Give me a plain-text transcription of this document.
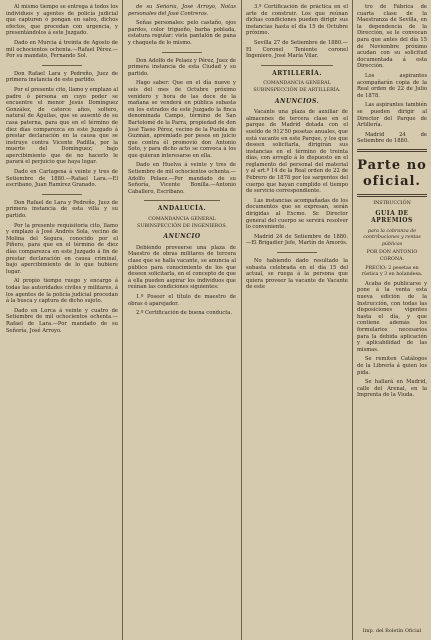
Al mismo tiempo se entrega á todos los individuos y agentes de policía judicial que capturen ó pongan en salvo, dichos efectos, que procedan con urgencia, y presentándolos á este Juzgado.

Dado en Murcia á treinta de Agosto de mil ochocientos ochenta.—Rafael Pérez.—Por su mandato, Fernando Sol.

Don Rafael Lara y Pedreño, Juez de primera instancia de este partido.

Por el presente cito, llamo y emplazo al padre ó persona en cuyo poder se encuentre el menor Jesús Domínguez González, de catorce años, soltero, natural de Águilas, que se ausentó de su casa paterna, para que en el término de diez días comparezca en este Juzgado á prestar declaración en la causa que se instruye contra Vicente Padilla, por la muerte del Domínguez; bajo apercibimiento que de no hacerlo le parará el perjuicio que haya lugar.

Dado en Cartagena á veinte y tres de Setiembre de 1880.—Rafael Lara.—El escribano, Juan Ramírez Granado.

Don Rafael de Lara y Pedreño, Juez de primera instancia de esta villa y su partido.

Por la presente requisitoria cito, llamo y emplazo á José Andrés Sola, vecino de Molina del Segura, conocido por el Piñero, para que en el término de diez días comparezca en este Juzgado á fin de prestar declaración en causa criminal, bajo apercibimiento de lo que hubiere lugar.

Al propio tiempo ruego y encargo á todas las autoridades civiles y militares, á los agentes de la policía judicial procedan á la busca y captura de dicho sujeto.

Dado en Lorca á veinte y cuatro de Setiembre de mil ochocientos ochenta.—Rafael de Lara.—Por mandado de su Señoría, José Arroyo.

de su Señoría, José Arroyo, Notas personales del José Contreras.

Señas personales: pelo castaño, ojos pardos, color trigueño, barba poblada, estatura regular; viste pantalón de pana y chaqueta de lo mismo.

Don Adolfo de Pelaez y Pérez, Juez de primera instancia de esta Ciudad y su partido.

Hago saber: Que en el día nueve y seis del mes de Octubre próximo venidero y hora de las doce de la mañana se venderá en pública subasta en los estrados de este Juzgado la finca denominada Campo, término de San Bartolomé de la Parra, propiedad de don José Tasso Pérez, vecino de la Puebla de Guzmán, apremiado por pesos en juicio que contra él promovió don Antonio Soto, y para dicho acto se convoca á los que quieran interesarse en ella.

Dado en Huelva á veinte y tres de Setiembre de mil ochocientos ochenta.—Adolfo Pelaez.—Por mandado de su Señoría, Vicente Bonilla.—Antonio Caballero, Escribano.

ANDALUCÍA.
COMANDANCIA GENERAL SUBINSPECCIÓN DE INGENIEROS.
ANUNCIO

Debiendo proveerse una plaza de Maestro de obras militares de tercera clase que se halla vacante, se anuncia al público para conocimiento de los que deseen solicitarla, en el concepto de que á ella pueden aspirar los individuos que reúnan las condiciones siguientes:

1.º Poseer el título de maestro de obras ó aparejador.

2.º Certificación de buena conducta.

3.º Certificación de práctica en el arte de construir. Los que reúnan dichas condiciones pueden dirigir sus instancias hasta el día 15 de Octubre próximo.

Sevilla 27 de Setiembre de 1880.—El Coronel Teniente coronel Ingeniero, José María Vilar.

ARTILLERÍA.
COMANDANCIA GENERAL SUBINSPECCIÓN DE ARTILLERÍA.
ANUNCIOS.

Vacante una plaza de auxiliar de almacenes de tercera clase en el parque de Madrid dotada con el sueldo de 912'50 pesetas anuales, que está vacante en este Parque, y los que deseen solicitarla, dirigirán sus instancias en el término de treinta días, con arreglo á lo dispuesto en el reglamento del personal del material y al art.º 14 de la Real orden de 22 de Febrero de 1878 por los sargentos del cuerpo que hayan cumplido el tiempo de servicio correspondiente.

Las instancias acompañadas de los documentos que se expresan, serán dirigidas al Excmo. Sr. Director general del cuerpo se servirá resolver lo conveniente.

Madrid 24 de Setiembre de 1880.—El Brigadier Jefe, Martín de Amorós.

No habiendo dado resultado la subasta celebrada en el día 15 del actual, se ruega á la persona que quiera proveer la vacante de Vacante de este

tro de Fábrica de cuarta clase de la Maestranza de Sevilla, en la dependencia de la Dirección, se le convocan para que antes del día 15 de Noviembre próximo acudan con su solicitud documentada á esta Dirección.

Los aspirantes acompañarán copia de la Real orden de 22 de Julio de 1878.

Las aspirantes también se pueden dirigir al Director del Parque de Artillería.

Madrid 24 de Setiembre de 1880.

Parte no oficial.
INSTRUCCIÓN
GUIA DE APREMIOS
para la cobranza de contribuciones y rentas públicas
POR DON ANTONIO CORONA.
PRECIO: 2 pesetas en rústica y 3 en holandesa.

Acaba de publicarse y pone á la venta esta nueva edición de la Instrucción, con todas las disposiciones vigentes hasta el día, y que contiene además los formularios necesarios para la debida aplicación y aplicabilidad de las mismas.

Se remiten Catálogos de la Librería á quien los pida.

Se hallará en Madrid, calle del Arenal, en la Imprenta de la Viuda.

Imp. del Boletín Oficial
